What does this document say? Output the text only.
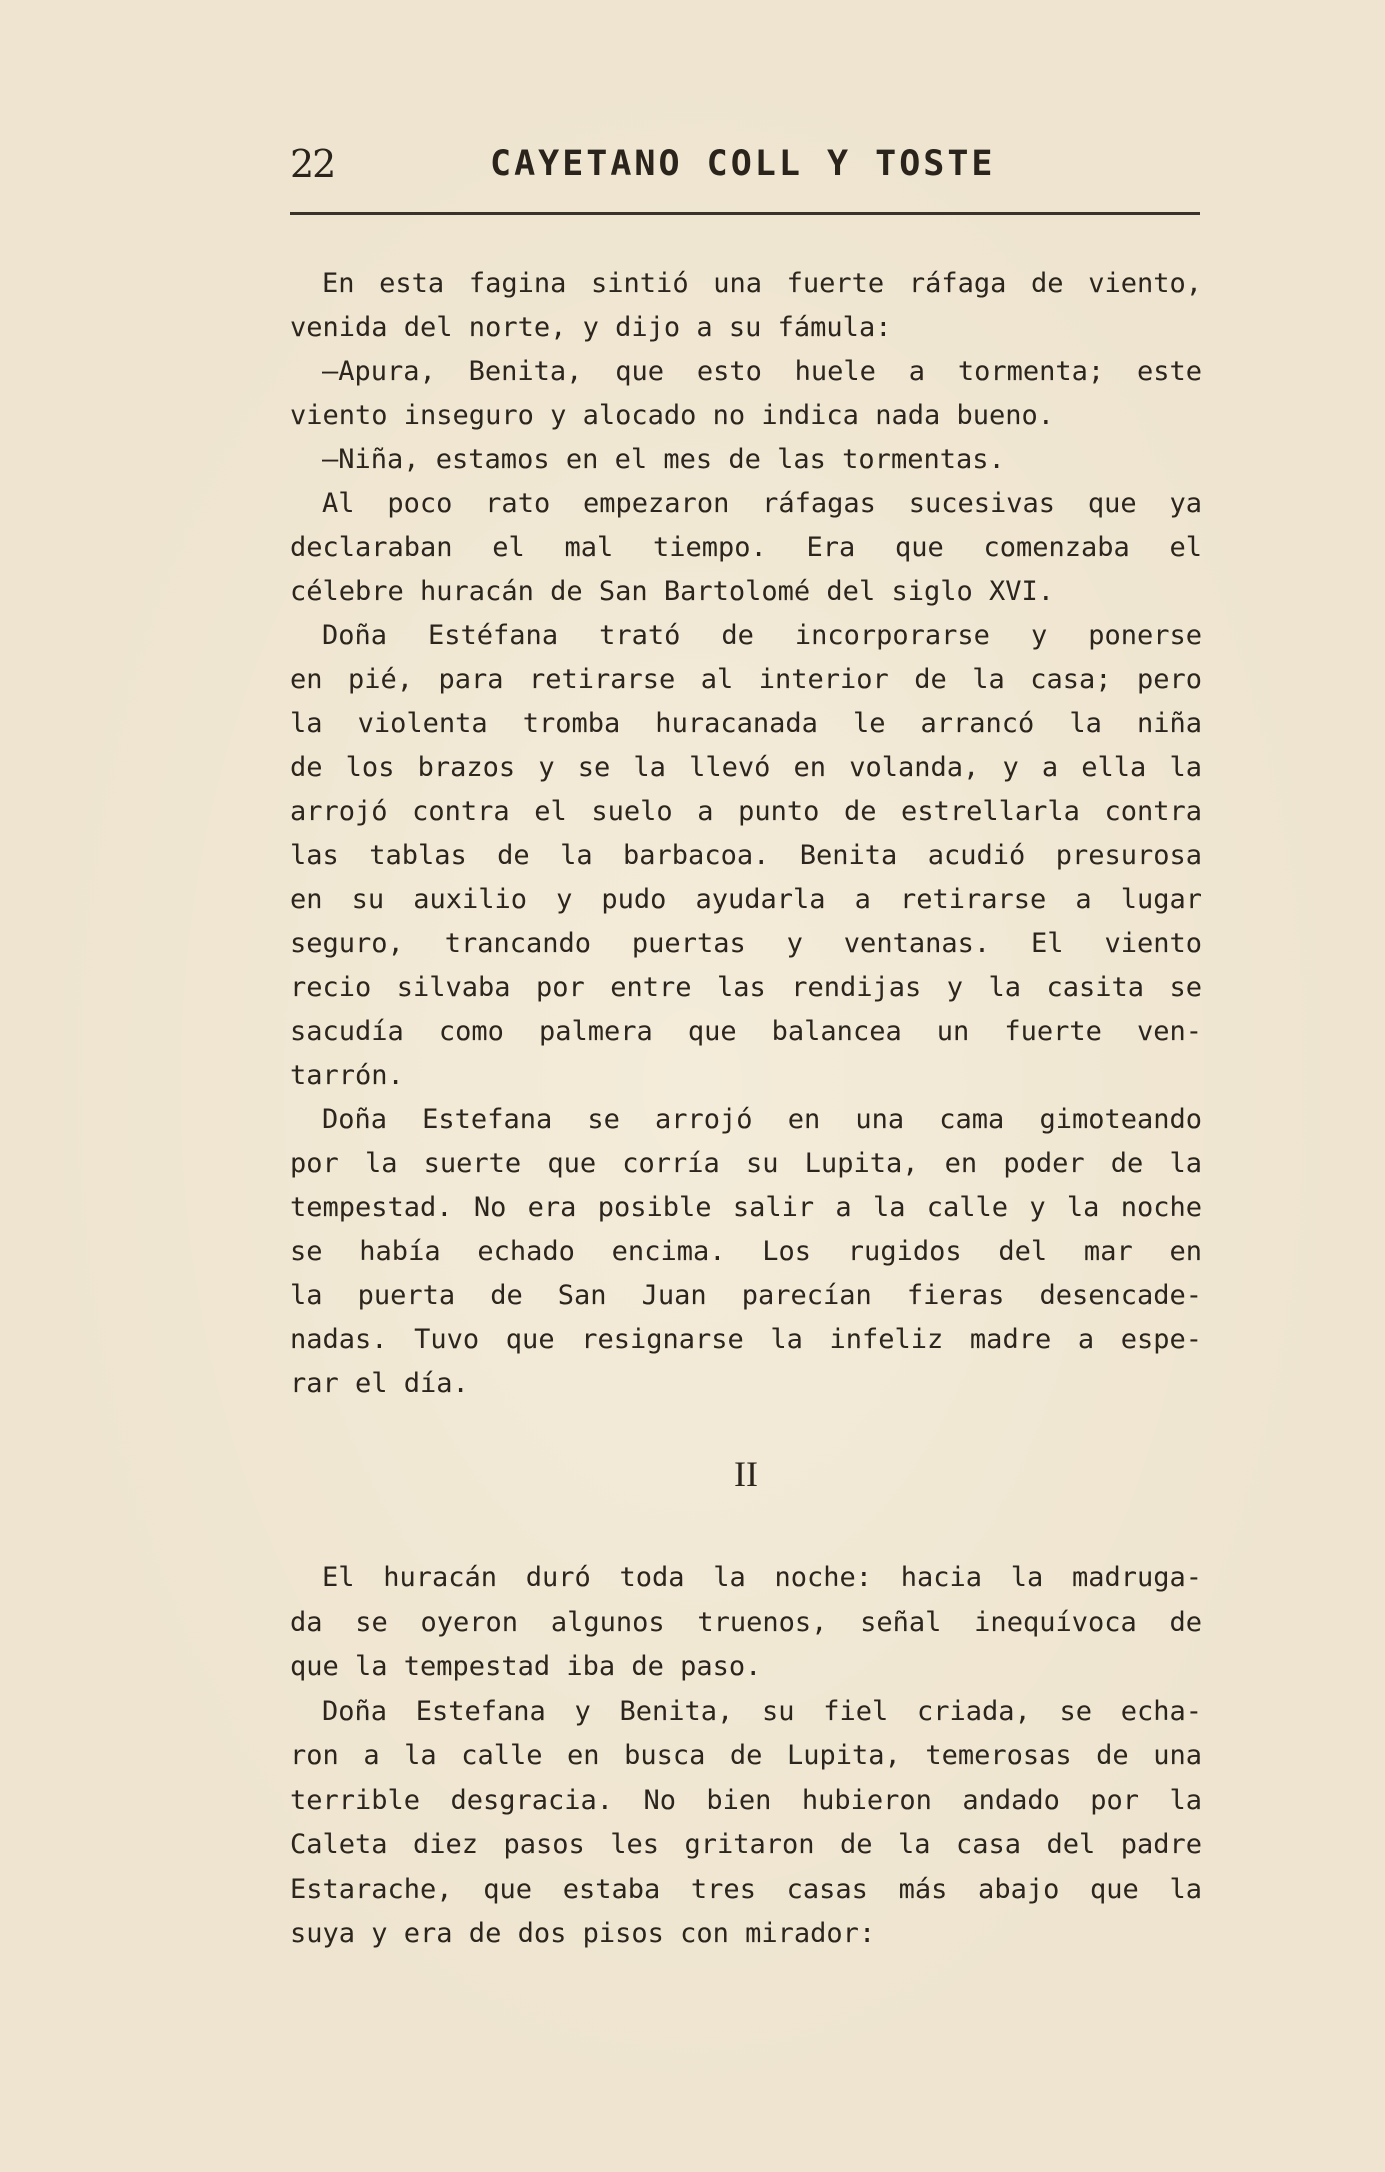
22	CAYETANO COLL Y TOSTE
En esta fagina sintió una fuerte ráfaga de viento,
venida del norte, y dijo a su fámula:
—Apura, Benita, que esto huele a tormenta; este
viento inseguro y alocado no indica nada bueno.
—Niña, estamos en el mes de las tormentas.
Al poco rato empezaron ráfagas sucesivas que ya
declaraban el mal tiempo. Era que comenzaba el
célebre huracán de San Bartolomé del siglo XVI.
Doña Estéfana trató de incorporarse y ponerse
en pié, para retirarse al interior de la casa; pero
la violenta tromba huracanada le arrancó la niña
de los brazos y se la llevó en volanda, y a ella la
arrojó contra el suelo a punto de estrellarla contra
las tablas de la barbacoa. Benita acudió presurosa
en su auxilio y pudo ayudarla a retirarse a lugar
seguro, trancando puertas y ventanas. El viento
recio silvaba por entre las rendijas y la casita se
sacudía como palmera que balancea un fuerte ven-
tarrón.
Doña Estefana se arrojó en una cama gimoteando
por la suerte que corría su Lupita, en poder de la
tempestad. No era posible salir a la calle y la noche
se había echado encima. Los rugidos del mar en
la puerta de San Juan parecían fieras desencade-
nadas. Tuvo que resignarse la infeliz madre a espe-
rar el día.
II
El huracán duró toda la noche: hacia la madruga-
da se oyeron algunos truenos, señal inequívoca de
que la tempestad iba de paso.
Doña Estefana y Benita, su fiel criada, se echa-
ron a la calle en busca de Lupita, temerosas de una
terrible desgracia. No bien hubieron andado por la
Caleta diez pasos les gritaron de la casa del padre
Estarache, que estaba tres casas más abajo que la
suya y era de dos pisos con mirador:
